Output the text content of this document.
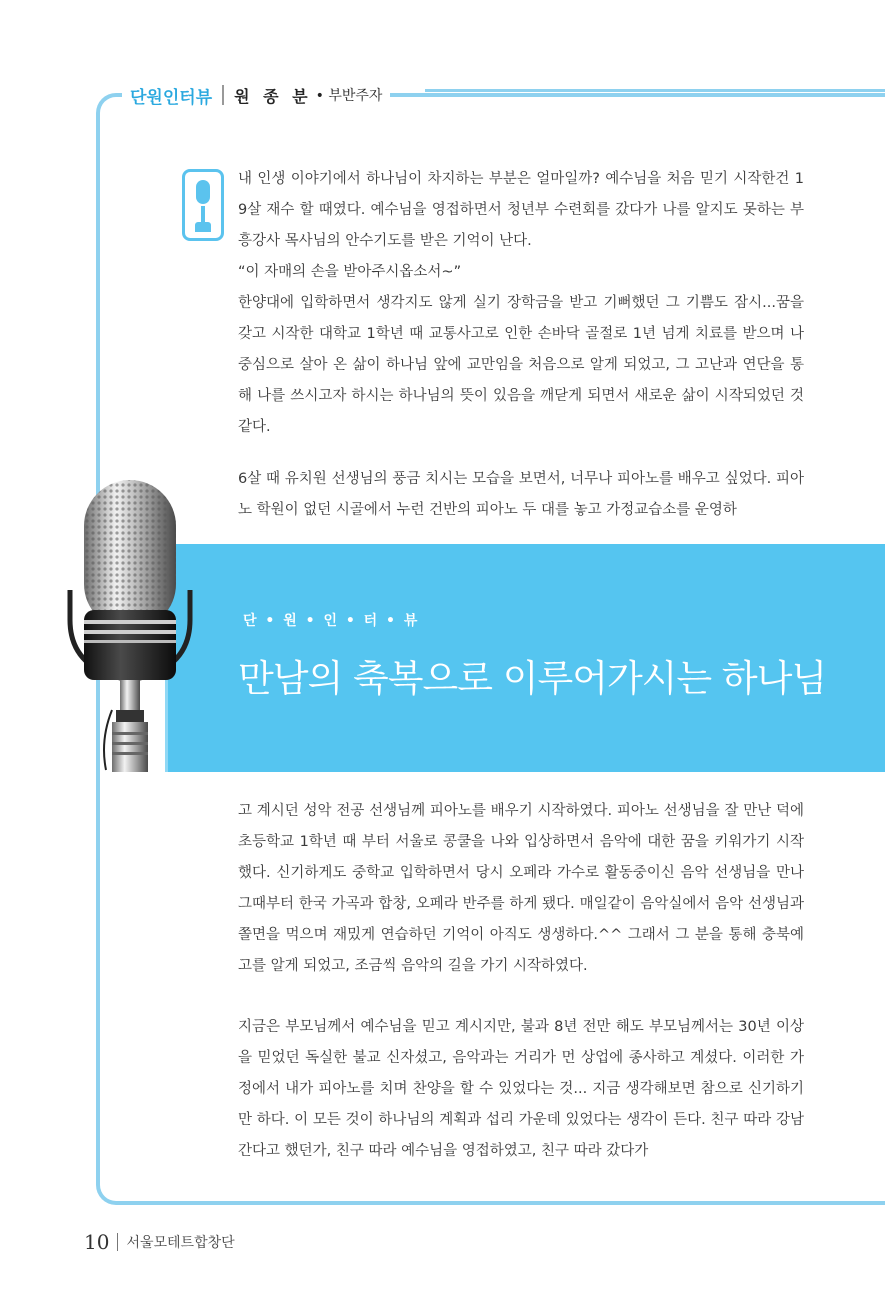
단원인터뷰 원 종 분 • 부반주자
내 인생 이야기에서 하나님이 차지하는 부분은 얼마일까? 예수님을 처음 믿기 시작한건 19살 재수 할 때였다. 예수님을 영접하면서 청년부 수련회를 갔다가 나를 알지도 못하는 부흥강사 목사님의 안수기도를 받은 기억이 난다.
“이 자매의 손을 받아주시옵소서~”
한양대에 입학하면서 생각지도 않게 실기 장학금을 받고 기뻐했던 그 기쁨도 잠시...꿈을 갖고 시작한 대학교 1학년 때 교통사고로 인한 손바닥 골절로 1년 넘게 치료를 받으며 나 중심으로 살아 온 삶이 하나님 앞에 교만임을 처음으로 알게 되었고, 그 고난과 연단을 통해 나를 쓰시고자 하시는 하나님의 뜻이 있음을 깨닫게 되면서 새로운 삶이 시작되었던 것같다.

6살 때 유치원 선생님의 풍금 치시는 모습을 보면서, 너무나 피아노를 배우고 싶었다. 피아노 학원이 없던 시골에서 누런 건반의 피아노 두 대를 놓고 가정교습소를 운영하

단 • 원 • 인 • 터 • 뷰
만남의 축복으로 이루어가시는 하나님

고 계시던 성악 전공 선생님께 피아노를 배우기 시작하였다. 피아노 선생님을 잘 만난 덕에 초등학교 1학년 때 부터 서울로 콩쿨을 나와 입상하면서 음악에 대한 꿈을 키워가기 시작했다. 신기하게도 중학교 입학하면서 당시 오페라 가수로 활동중이신 음악 선생님을 만나 그때부터 한국 가곡과 합창, 오페라 반주를 하게 됐다. 매일같이 음악실에서 음악 선생님과 쫄면을 먹으며 재밌게 연습하던 기억이 아직도 생생하다.^^ 그래서 그 분을 통해 충북예고를 알게 되었고, 조금씩 음악의 길을 가기 시작하였다.

지금은 부모님께서 예수님을 믿고 계시지만, 불과 8년 전만 해도 부모님께서는 30년 이상을 믿었던 독실한 불교 신자셨고, 음악과는 거리가 먼 상업에 종사하고 계셨다. 이러한 가정에서 내가 피아노를 치며 찬양을 할 수 있었다는 것... 지금 생각해보면 참으로 신기하기만 하다. 이 모든 것이 하나님의 계획과 섭리 가운데 있었다는 생각이 든다. 친구 따라 강남 간다고 했던가, 친구 따라 예수님을 영접하였고, 친구 따라 갔다가

10 서울모테트합창단
